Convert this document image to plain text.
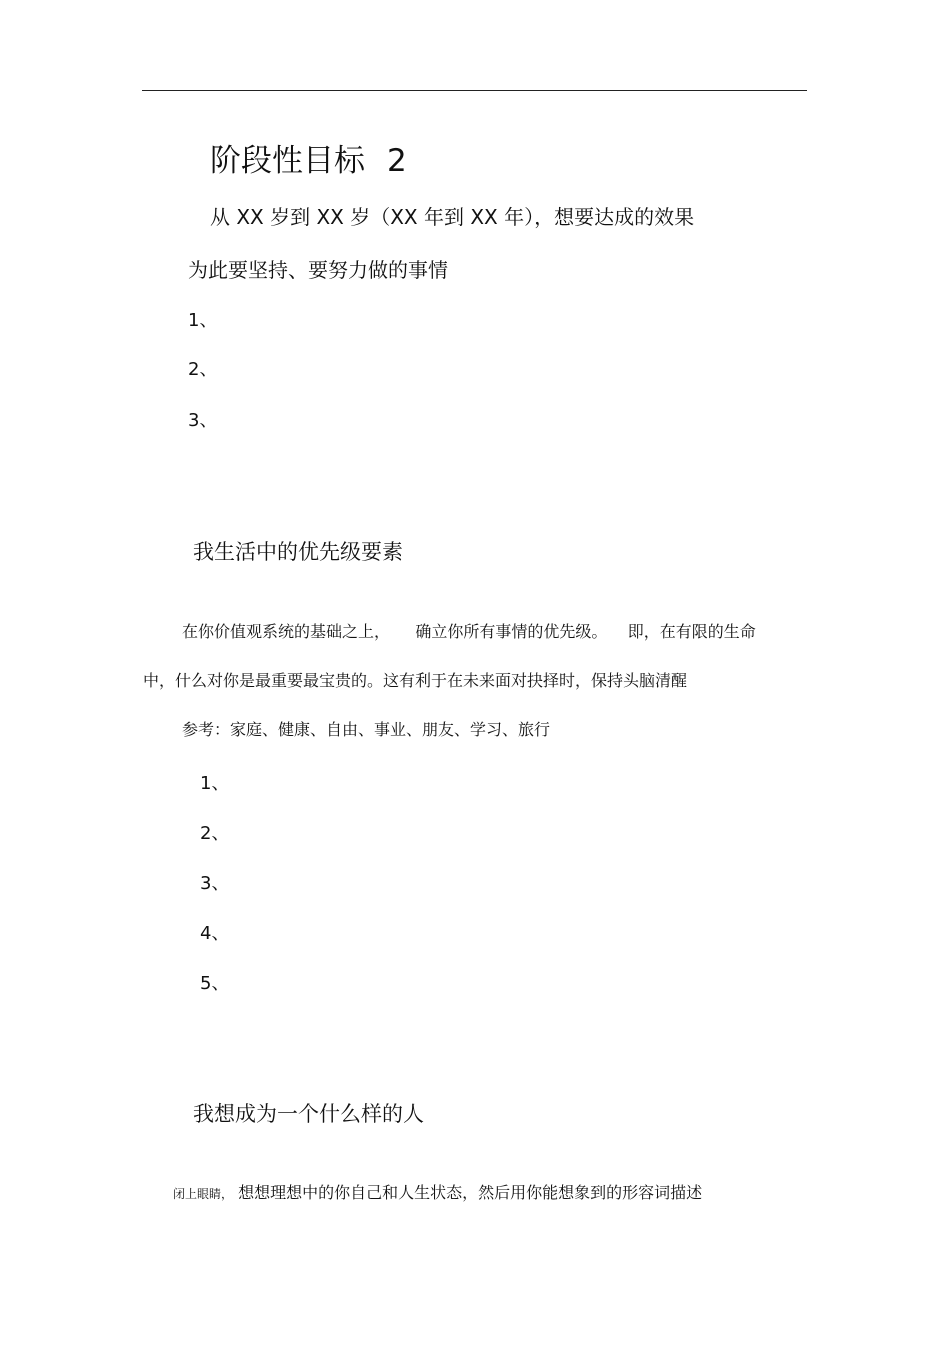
阶段性目标 2
从 XX 岁到 XX 岁（XX 年到 XX 年），想要达成的效果
为此要坚持、要努力做的事情
1、
2、
3、
我生活中的优先级要素
在你价值观系统的基础之上，     确立你所有事情的优先级。    即，在有限的生命
中，什么对你是最重要最宝贵的。这有利于在未来面对抉择时，保持头脑清醒
参考：家庭、健康、自由、事业、朋友、学习、旅行
1、
2、
3、
4、
5、
我想成为一个什么样的人
闭上眼睛， 想想理想中的你自己和人生状态，然后用你能想象到的形容词描述
